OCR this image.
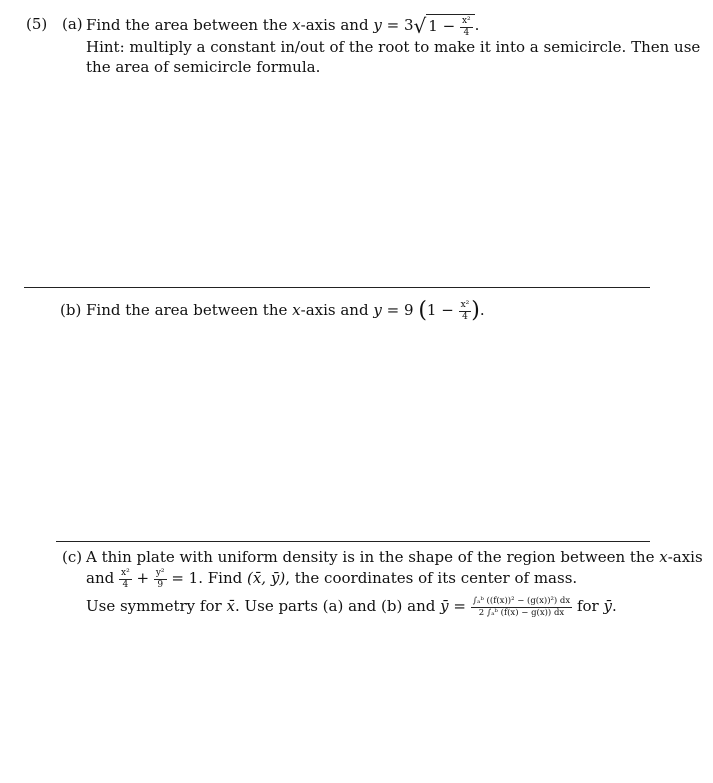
(5) (a) Find the area between the x-axis and y = 3√ $1 - \frac{\text{x²}}{4}$ .
Hint: multiply a constant in/out of the root to make it into a semicircle. Then use
the area of semicircle formula.
(b) Find the area between the x-axis and y = 9 ($1 - \frac{\text{x²}}{4}$ ).
(c) A thin plate with uniform density is in the shape of the region between the x-axis
and $\frac{\text{x²}}{4} + \frac{\text{y²}}{9} = 1$. Find (x̄, ȳ), the coordinates of its center of mass.
Use symmetry for x̄. Use parts (a) and (b) and ȳ = $\frac{\text{∫ₐᵇ ((f(x))² − (g(x))²) dx}}{\text{2 ∫ₐᵇ (f(x) − g(x)) dx}}$ for ȳ.
